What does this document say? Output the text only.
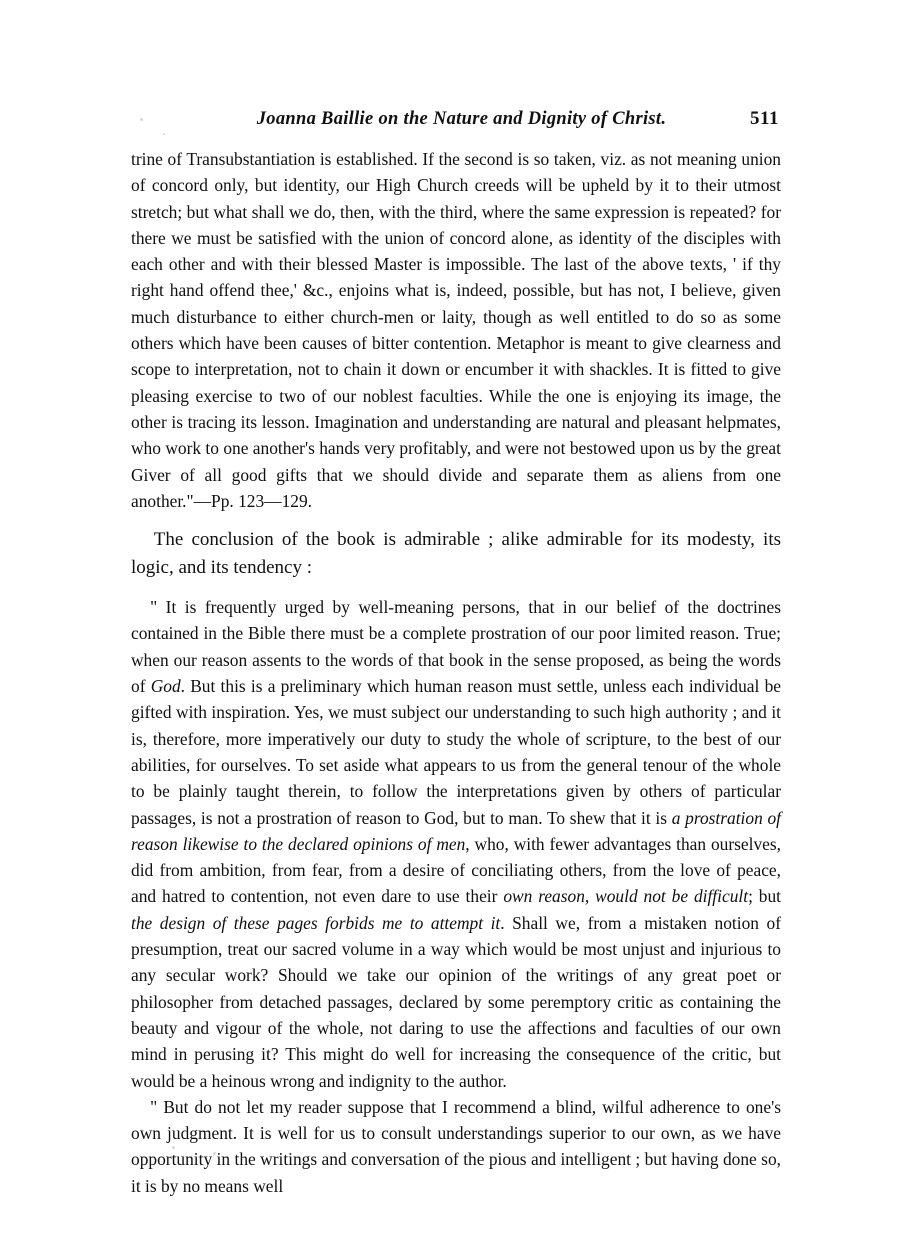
Joanna Baillie on the Nature and Dignity of Christ.	511

trine of Transubstantiation is established. If the second is so taken, viz. as not meaning union of concord only, but identity, our High Church creeds will be upheld by it to their utmost stretch; but what shall we do, then, with the third, where the same expression is repeated? for there we must be satisfied with the union of concord alone, as identity of the disciples with each other and with their blessed Master is impossible. The last of the above texts, ' if thy right hand offend thee,' &c., enjoins what is, indeed, possible, but has not, I believe, given much disturbance to either church-men or laity, though as well entitled to do so as some others which have been causes of bitter contention. Metaphor is meant to give clearness and scope to interpretation, not to chain it down or encumber it with shackles. It is fitted to give pleasing exercise to two of our noblest faculties. While the one is enjoying its image, the other is tracing its lesson. Imagination and understanding are natural and pleasant helpmates, who work to one another's hands very profitably, and were not bestowed upon us by the great Giver of all good gifts that we should divide and separate them as aliens from one another."—Pp. 123—129.

The conclusion of the book is admirable ; alike admirable for its modesty, its logic, and its tendency :

" It is frequently urged by well-meaning persons, that in our belief of the doctrines contained in the Bible there must be a complete prostration of our poor limited reason. True; when our reason assents to the words of that book in the sense proposed, as being the words of God. But this is a preliminary which human reason must settle, unless each individual be gifted with inspiration. Yes, we must subject our understanding to such high authority ; and it is, therefore, more imperatively our duty to study the whole of scripture, to the best of our abilities, for ourselves. To set aside what appears to us from the general tenour of the whole to be plainly taught therein, to follow the interpretations given by others of particular passages, is not a prostration of reason to God, but to man. To shew that it is a prostration of reason likewise to the declared opinions of men, who, with fewer advantages than ourselves, did from ambition, from fear, from a desire of conciliating others, from the love of peace, and hatred to contention, not even dare to use their own reason, would not be difficult; but the design of these pages forbids me to attempt it. Shall we, from a mistaken notion of presumption, treat our sacred volume in a way which would be most unjust and injurious to any secular work? Should we take our opinion of the writings of any great poet or philosopher from detached passages, declared by some peremptory critic as containing the beauty and vigour of the whole, not daring to use the affections and faculties of our own mind in perusing it? This might do well for increasing the consequence of the critic, but would be a heinous wrong and indignity to the author.

" But do not let my reader suppose that I recommend a blind, wilful adherence to one's own judgment. It is well for us to consult understandings superior to our own, as we have opportunity in the writings and conversation of the pious and intelligent ; but having done so, it is by no means well
